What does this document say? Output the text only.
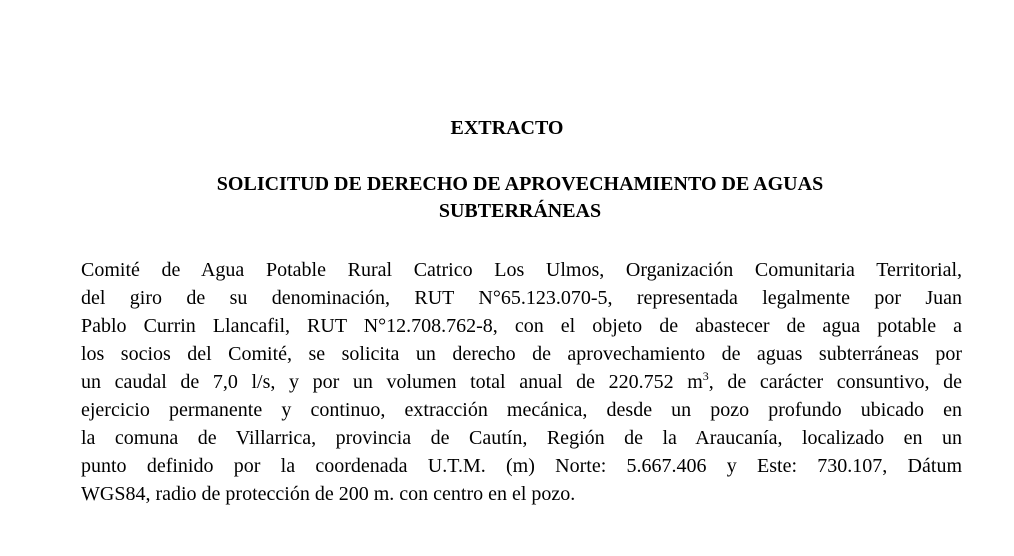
EXTRACTO

SOLICITUD DE DERECHO DE APROVECHAMIENTO DE AGUAS SUBTERRÁNEAS

Comité de Agua Potable Rural Catrico Los Ulmos, Organización Comunitaria Territorial,
del giro de su denominación, RUT N°65.123.070-5, representada legalmente por Juan
Pablo Currin Llancafil, RUT N°12.708.762-8, con el objeto de abastecer de agua potable a
los socios del Comité, se solicita un derecho de aprovechamiento de aguas subterráneas por
un caudal de 7,0 l/s, y por un volumen total anual de 220.752 $m^3$, de carácter consuntivo, de
ejercicio permanente y continuo, extracción mecánica, desde un pozo profundo ubicado en
la comuna de Villarrica, provincia de Cautín, Región de la Araucanía, localizado en un
punto definido por la coordenada U.T.M. (m) Norte: 5.667.406 y Este: 730.107, Dátum
WGS84, radio de protección de 200 m. con centro en el pozo.
